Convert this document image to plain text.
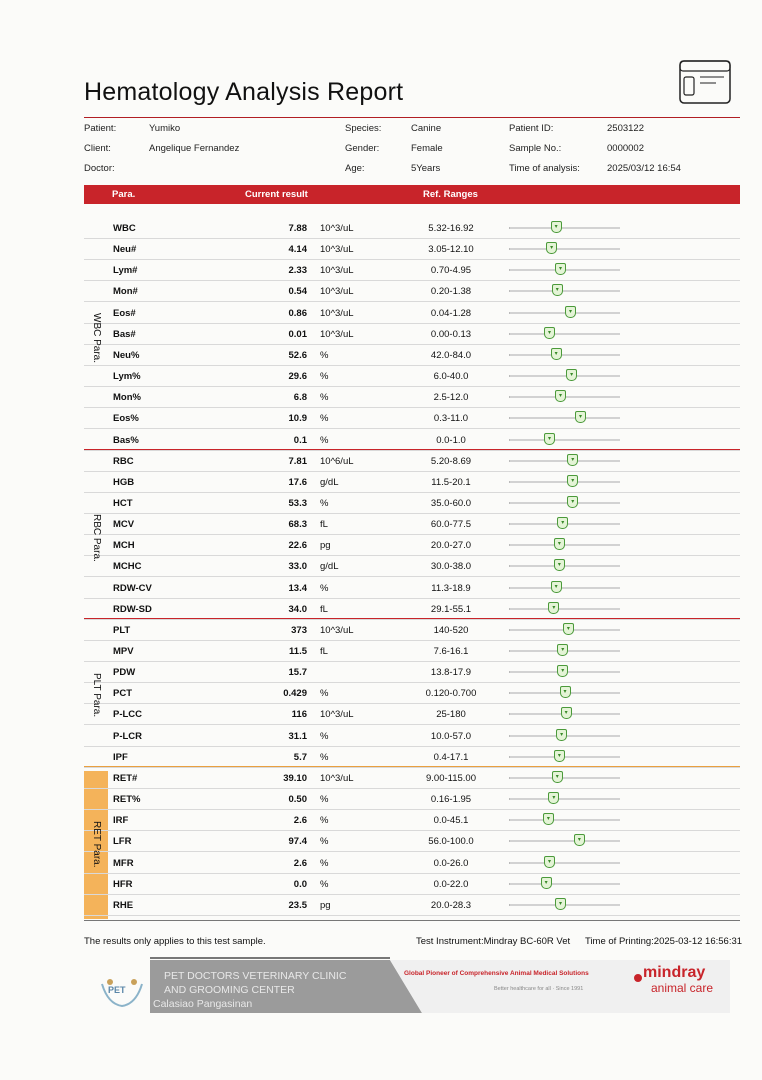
Hematology Analysis Report
Patient:	Yumiko
Client:	Angelique Fernandez
Doctor:
Species:	Canine
Gender:	Female
Age:	5Years
Patient ID:	2503122
Sample No.:	0000002
Time of analysis:	2025/03/12 16:54
Para.	Current result	Ref. Ranges
WBC	7.88 10^3/uL	5.32-16.92	▾
Neu#	4.14 10^3/uL	3.05-12.10	▾
Lym#	2.33 10^3/uL	0.70-4.95	▾
Mon#	0.54 10^3/uL	0.20-1.38	▾
Eos#	0.86 10^3/uL	0.04-1.28	▾
Bas#	0.01 10^3/uL	0.00-0.13	▾
Neu%	52.6 %	42.0-84.0	▾
Lym%	29.6 %	6.0-40.0	▾
Mon%	6.8 %	2.5-12.0	▾
Eos%	10.9 %	0.3-11.0	▾
Bas%	0.1 %	0.0-1.0	▾
WBC Para.
RBC	7.81 10^6/uL	5.20-8.69	▾
HGB	17.6 g/dL	11.5-20.1	▾
HCT	53.3 %	35.0-60.0	▾
MCV	68.3 fL	60.0-77.5	▾
MCH	22.6 pg	20.0-27.0	▾
MCHC	33.0 g/dL	30.0-38.0	▾
RDW-CV	13.4 %	11.3-18.9	▾
RDW-SD	34.0 fL	29.1-55.1	▾
RBC Para.
PLT	373 10^3/uL	140-520	▾
MPV	11.5 fL	7.6-16.1	▾
PDW	15.7	13.8-17.9	▾
PCT	0.429 %	0.120-0.700	▾
P-LCC	116 10^3/uL	25-180	▾
P-LCR	31.1 %	10.0-57.0	▾
IPF	5.7 %	0.4-17.1	▾
PLT Para.
RET#	39.10 10^3/uL	9.00-115.00	▾
RET%	0.50 %	0.16-1.95	▾
IRF	2.6 %	0.0-45.1	▾
LFR	97.4 %	56.0-100.0	▾
MFR	2.6 %	0.0-26.0	▾
HFR	0.0 %	0.0-22.0	▾
RHE	23.5 pg	20.0-28.3	▾
RET Para.
The results only applies to this test sample.	Test Instrument:Mindray BC-60R Vet Time of Printing:2025-03-12 16:56:31
PET
PET DOCTORS VETERINARY CLINIC
AND GROOMING CENTER
Calasiao Pangasinan
Global Pioneer of Comprehensive Animal Medical Solutions
Better healthcare for all · Since 1991
mindray
animal care
